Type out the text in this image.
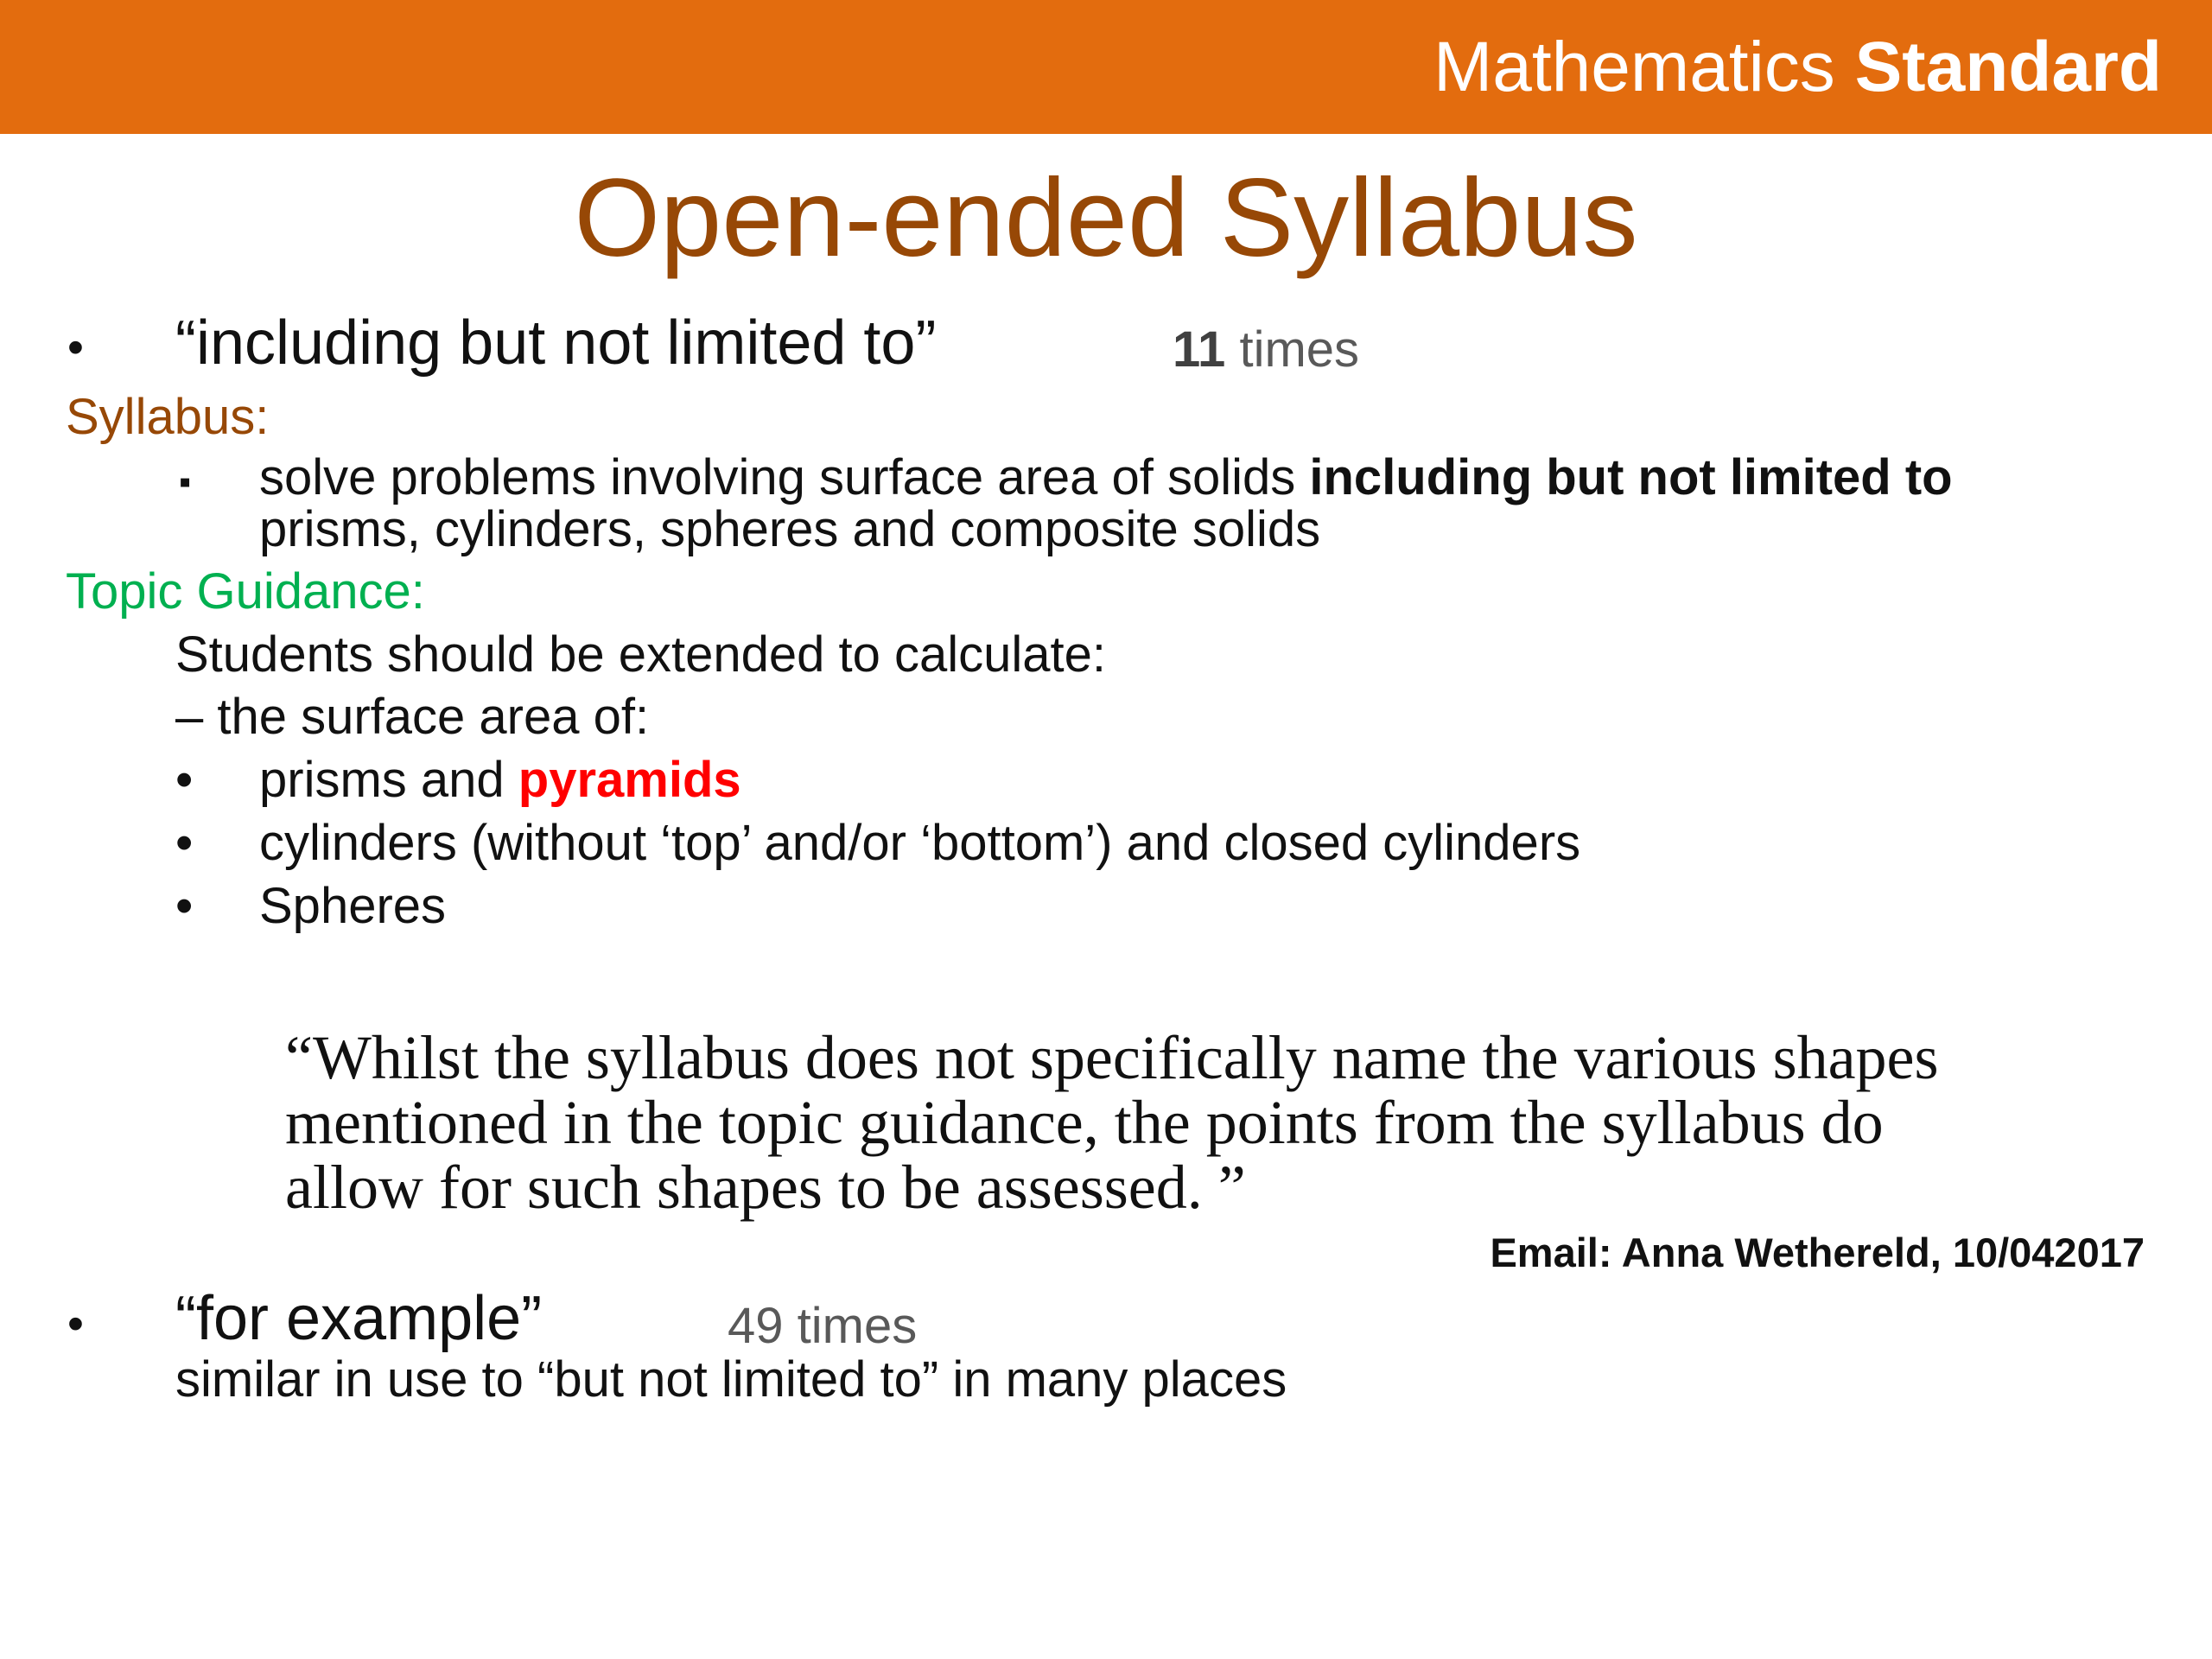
Mathematics Standard
Open-ended Syllabus
• “including but not limited to”	11 times
Syllabus:
▪ solve problems involving surface area of solids including but not limited to
prisms, cylinders, spheres and composite solids
Topic Guidance:
Students should be extended to calculate:
– the surface area of:
• prisms and pyramids
• cylinders (without ‘top’ and/or ‘bottom’) and closed cylinders
• Spheres
“Whilst the syllabus does not specifically name the various shapes
mentioned in the topic guidance, the points from the syllabus do
allow for such shapes to be assessed. ”
Email: Anna Wethereld, 10/042017
• “for example”	49 times
similar in use to “but not limited to” in many places
